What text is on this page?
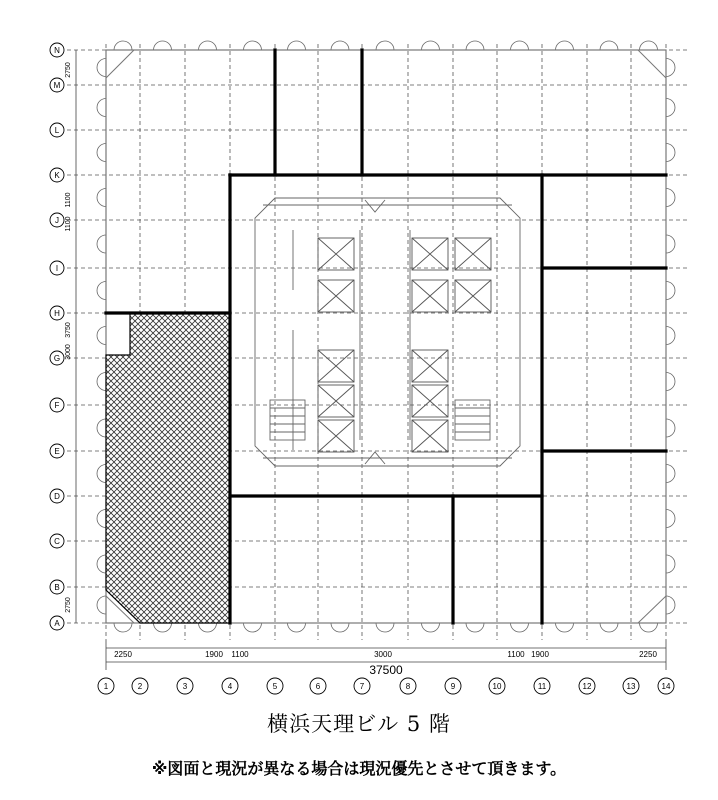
2250	1900 1100	3000	1100 1900	2250
2750
1100
1100
3750
3000
2750
37500
N
M
L
K
J
I
H
G
F
E
D
C
B
A
1	2	3	4	5	6	7	8	9	10	11	12	13	14
横浜天理ビル 5 階
※図面と現況が異なる場合は現況優先とさせて頂きます。
